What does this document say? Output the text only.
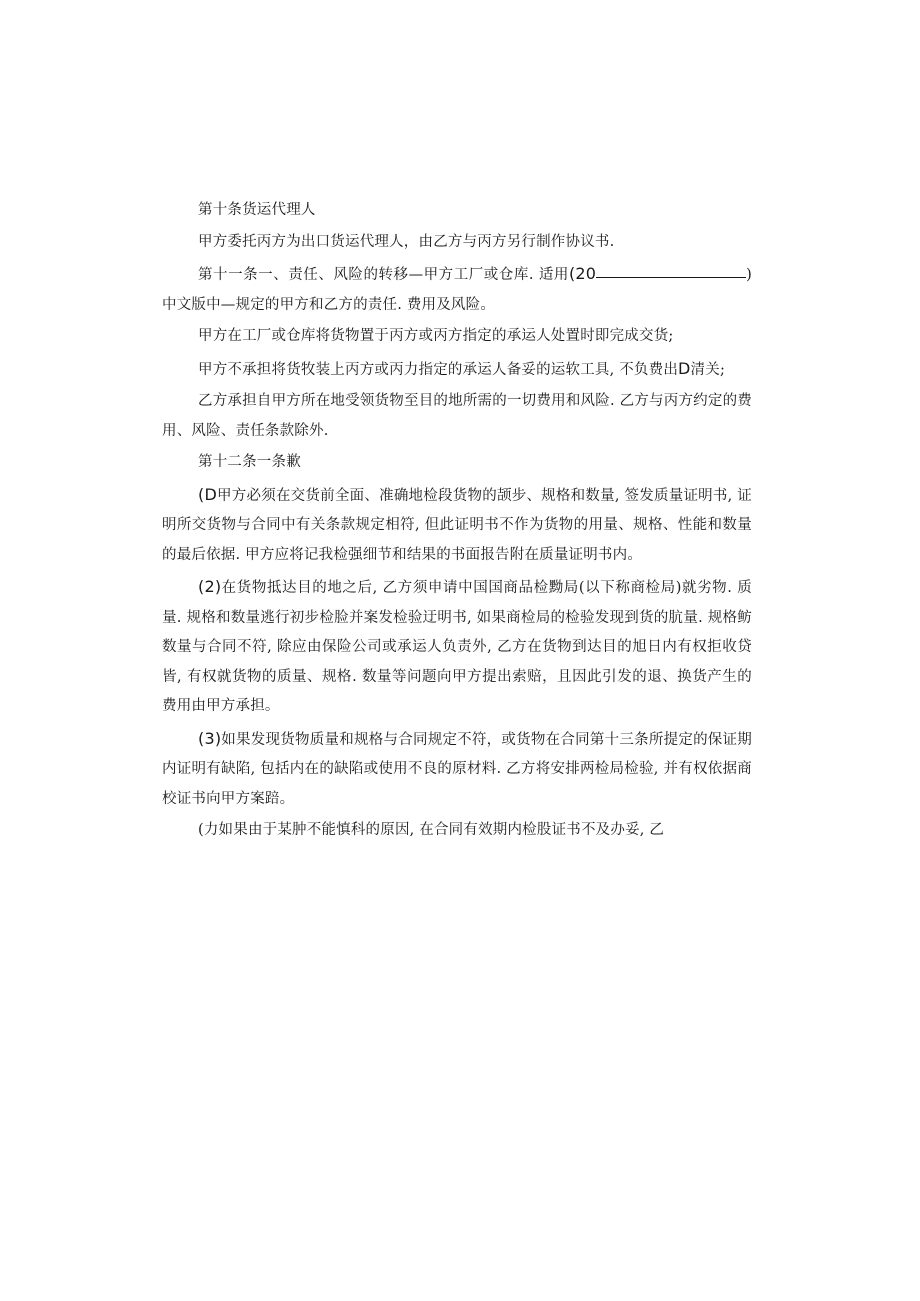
第十条货运代理人

甲方委托丙方为出口货运代理人，由乙方与丙方另行制作协议书.

第十一条一、责任、风险的转移—甲方工厂或仓库. 适用(20	)中文版中—规定的甲方和乙方的责任. 费用及风险。

甲方在工厂或仓库将货物置于丙方或丙方指定的承运人处置时即完成交货;

甲方不承担将货牧装上丙方或丙力指定的承运人备妥的运软工具, 不负费出D清关;

乙方承担自甲方所在地受领货物至目的地所需的一切费用和风险. 乙方与丙方约定的费用、风险、责任条款除外.

第十二条一条歉

(D甲方必须在交货前全面、准确地检段货物的颉步、规格和数量, 签发质量证明书, 证明所交货物与合同中有关条款规定相符, 但此证明书不作为货物的用量、规格、性能和数量的最后依据. 甲方应将记我检强细节和结果的书面报告附在质量证明书内。

(2)在货物抵达目的地之后, 乙方须申请中国国商品检黝局(以下称商检局)就劣物. 质量. 规格和数量逃行初步检脸并案发检验迂明书, 如果商检局的检验发现到货的肮量. 规格鲂数量与合同不符, 除应由保险公司或承运人负责外, 乙方在货物到达目的旭日内有权拒收贷皆, 有权就货物的质量、规格. 数量等问题向甲方提出索赔，且因此引发的退、换货产生的费用由甲方承担。

(3)如果发现货物质量和规格与合同规定不符，或货物在合同第十三条所提定的保证期内证明有缺陷, 包括内在的缺陷或使用不良的原材料. 乙方将安排两检局检验, 并有权依据商校证书向甲方案踣。

(力如果由于某肿不能慎科的原因, 在合同有效期内检股证书不及办妥, 乙
